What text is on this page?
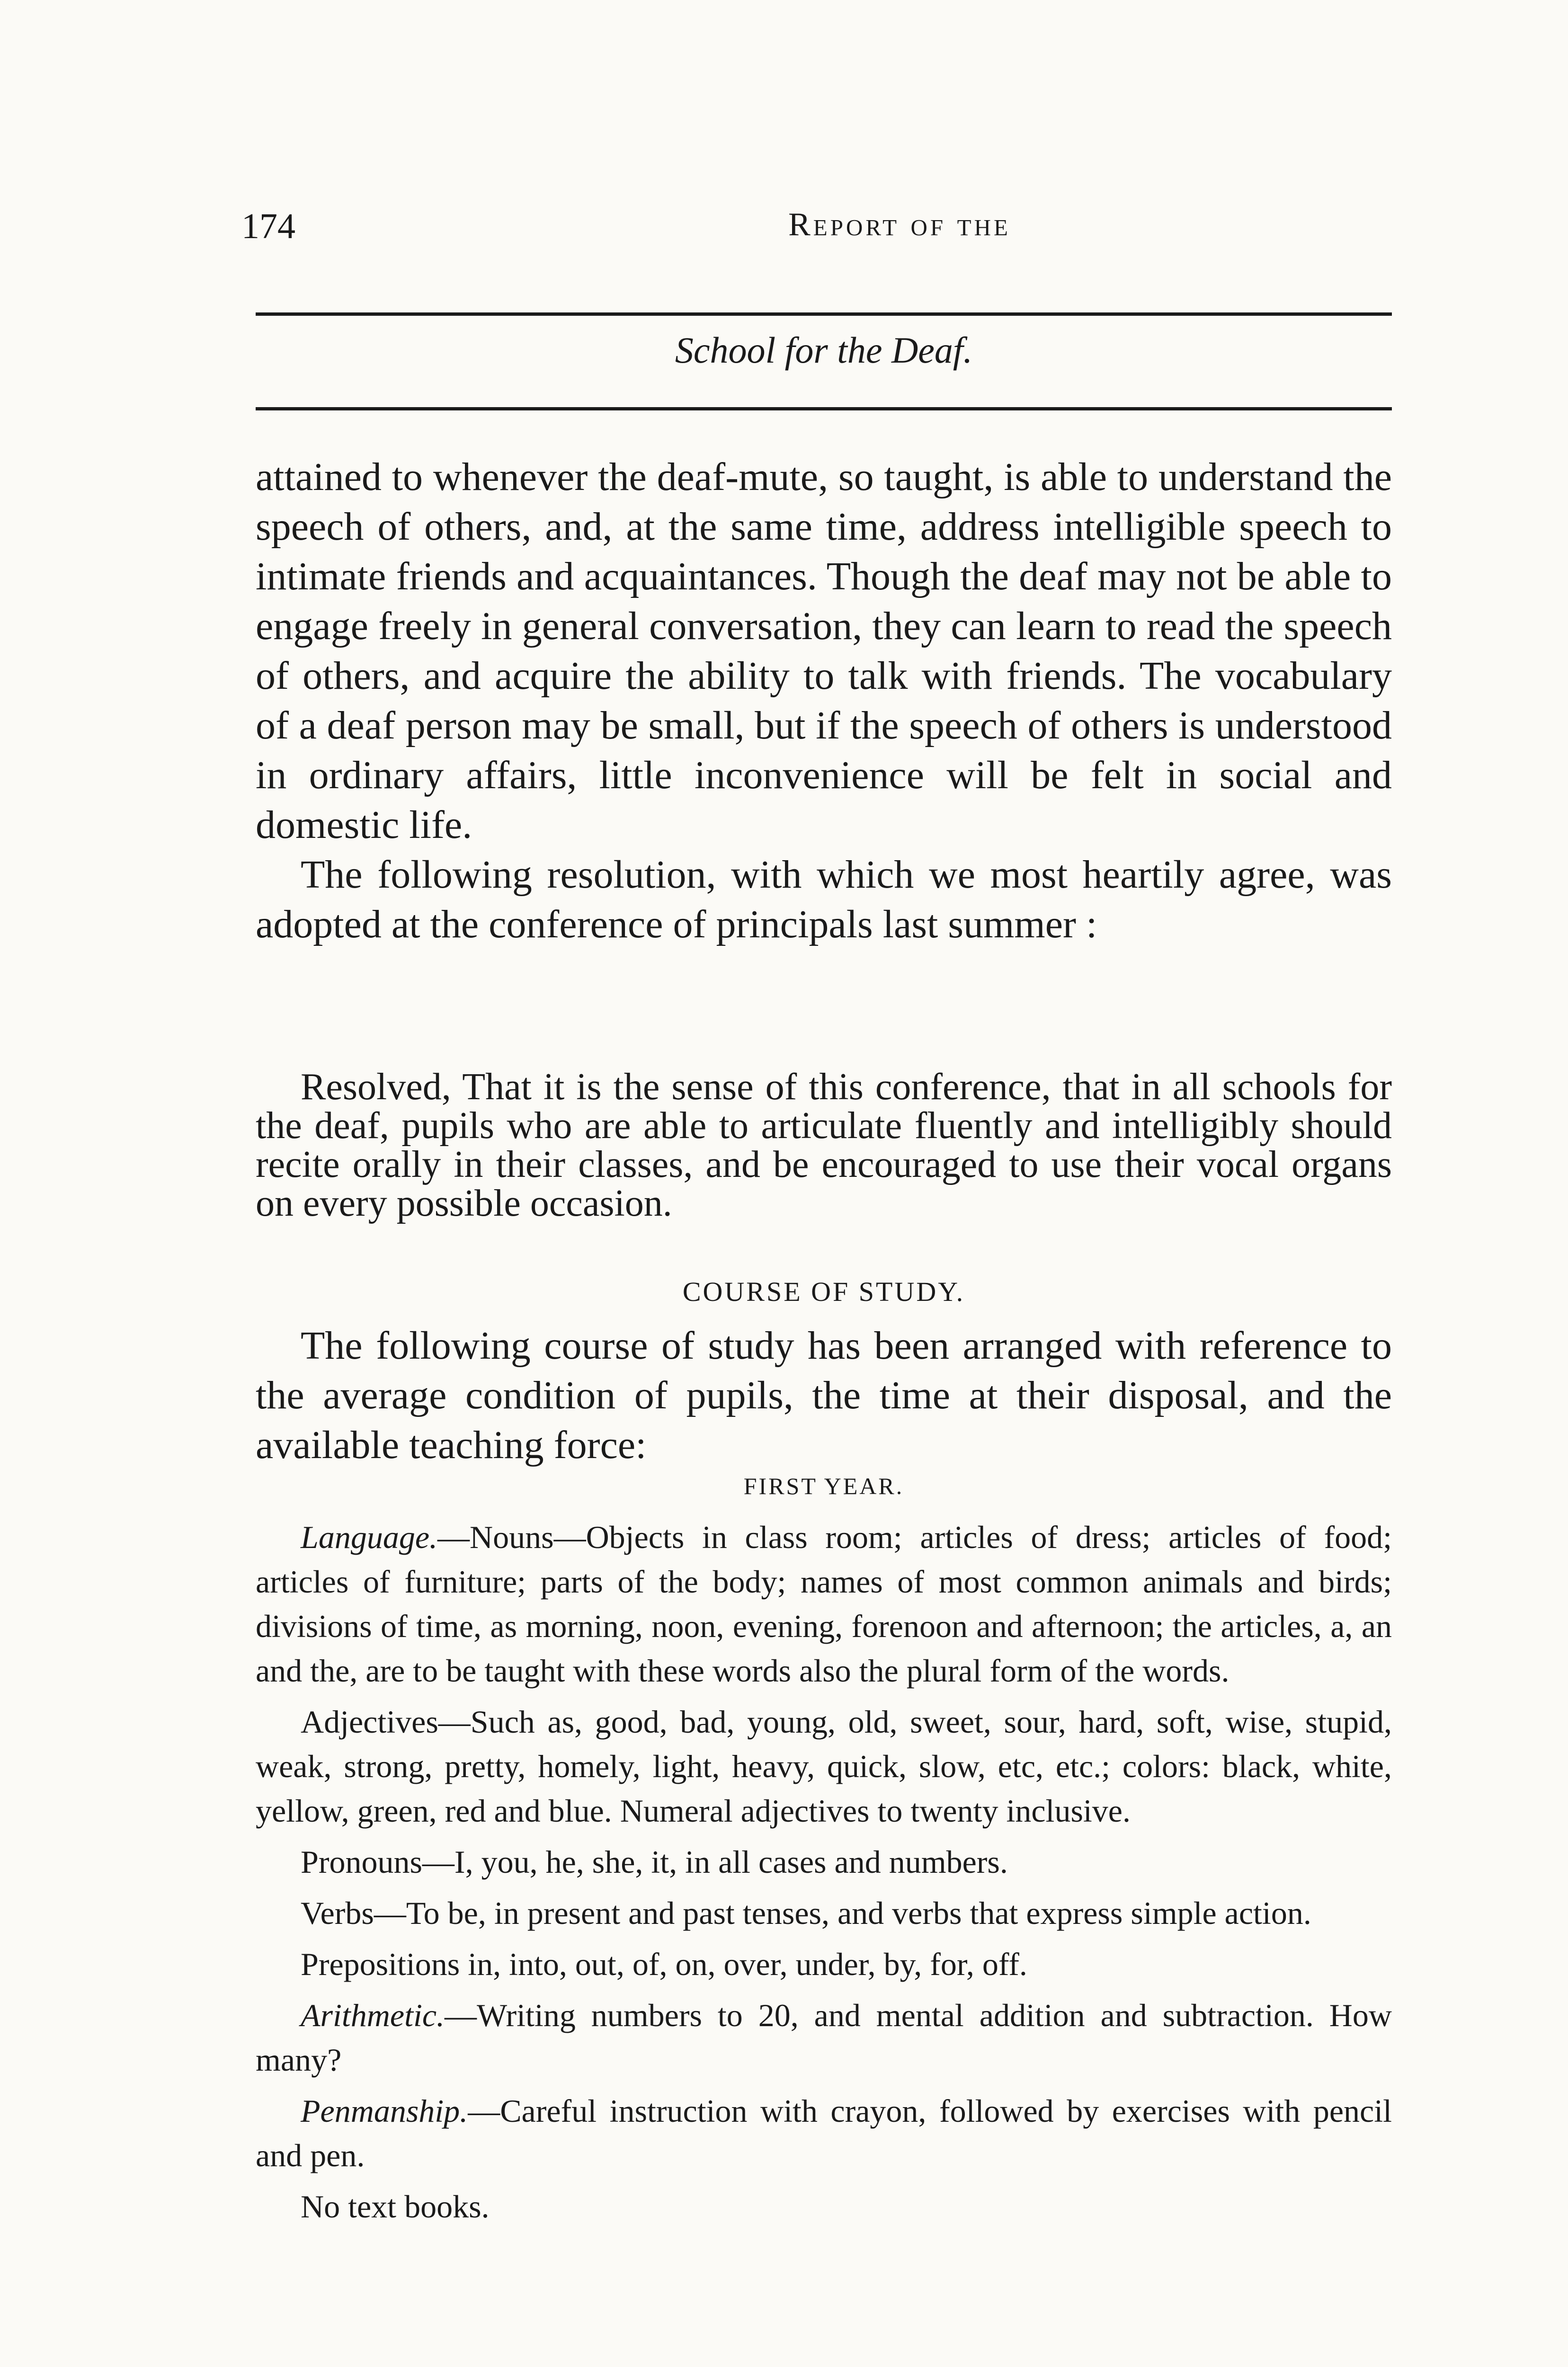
174	Report of the
School for the Deaf.

attained to whenever the deaf-mute, so taught, is able to understand the speech of others, and, at the same time, address intelligible speech to intimate friends and acquaintances. Though the deaf may not be able to engage freely in general conversation, they can learn to read the speech of others, and acquire the ability to talk with friends. The vocabulary of a deaf person may be small, but if the speech of others is understood in ordinary affairs, little inconvenience will be felt in social and domestic life.

The following resolution, with which we most heartily agree, was adopted at the conference of principals last summer :

Resolved, That it is the sense of this conference, that in all schools for the deaf, pupils who are able to articulate fluently and intelligibly should recite orally in their classes, and be encouraged to use their vocal organs on every possible occasion.
COURSE OF STUDY.
The following course of study has been arranged with reference to the average condition of pupils, the time at their disposal, and the available teaching force:
FIRST YEAR.

Language.—Nouns—Objects in class room; articles of dress; articles of food; articles of furniture; parts of the body; names of most common animals and birds; divisions of time, as morning, noon, evening, forenoon and afternoon; the articles, a, an and the, are to be taught with these words also the plural form of the words.

Adjectives—Such as, good, bad, young, old, sweet, sour, hard, soft, wise, stupid, weak, strong, pretty, homely, light, heavy, quick, slow, etc, etc.; colors: black, white, yellow, green, red and blue. Numeral adjectives to twenty inclusive.

Pronouns—I, you, he, she, it, in all cases and numbers.

Verbs—To be, in present and past tenses, and verbs that express simple action.

Prepositions in, into, out, of, on, over, under, by, for, off.

Arithmetic.—Writing numbers to 20, and mental addition and subtraction. How many?

Penmanship.—Careful instruction with crayon, followed by exercises with pencil and pen.

No text books.
